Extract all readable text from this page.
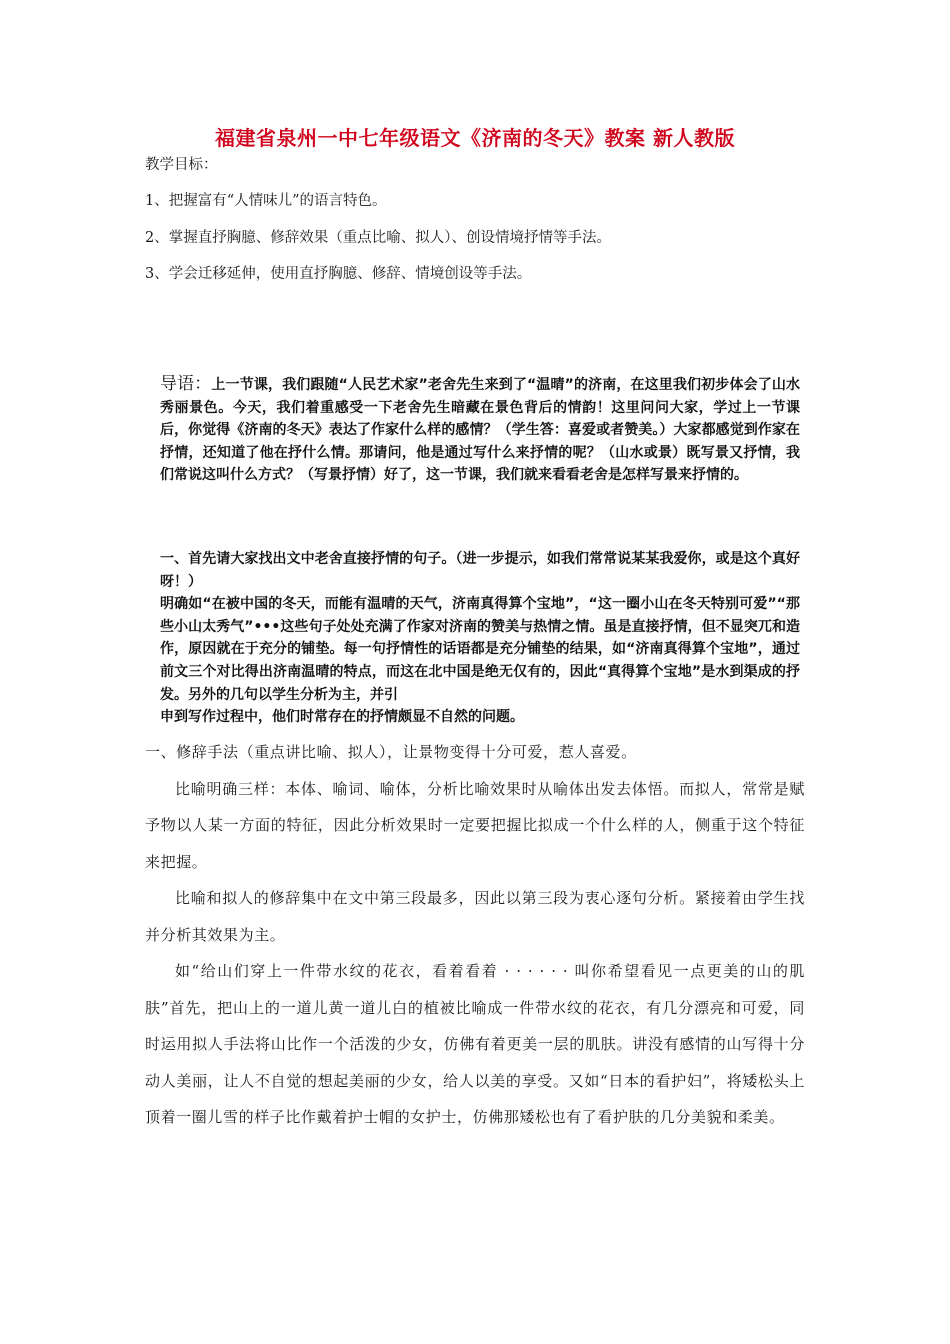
福建省泉州一中七年级语文《济南的冬天》教案 新人教版
教学目标：
1、把握富有“人情味儿”的语言特色。
2、掌握直抒胸臆、修辞效果（重点比喻、拟人）、创设情境抒情等手法。
3、学会迁移延伸，使用直抒胸臆、修辞、情境创设等手法。

导语：上一节课，我们跟随“人民艺术家”老舍先生来到了“温晴”的济南，在这里我们初步体会了山水秀丽景色。今天，我们着重感受一下老舍先生暗藏在景色背后的情韵！这里问问大家，学过上一节课后，你觉得《济南的冬天》表达了作家什么样的感情？（学生答：喜爱或者赞美。）大家都感觉到作家在抒情，还知道了他在抒什么情。那请问，他是通过写什么来抒情的呢？（山水或景）既写景又抒情，我们常说这叫什么方式？（写景抒情）好了，这一节课，我们就来看看老舍是怎样写景来抒情的。

一、首先请大家找出文中老舍直接抒情的句子。（进一步提示，如我们常常说某某我爱你，或是这个真好呀！）

明确如“在被中国的冬天，而能有温晴的天气，济南真得算个宝地”，“这一圈小山在冬天特别可爱”“那些小山太秀气”•••这些句子处处充满了作家对济南的赞美与热情之情。虽是直接抒情，但不显突兀和造作，原因就在于充分的铺垫。每一句抒情性的话语都是充分铺垫的结果，如“济南真得算个宝地”，通过前文三个对比得出济南温晴的特点，而这在北中国是绝无仅有的，因此“真得算个宝地”是水到渠成的抒发。另外的几句以学生分析为主，并引

申到写作过程中，他们时常存在的抒情颇显不自然的问题。

一、修辞手法（重点讲比喻、拟人），让景物变得十分可爱，惹人喜爱。

比喻明确三样：本体、喻词、喻体，分析比喻效果时从喻体出发去体悟。而拟人，常常是赋予物以人某一方面的特征，因此分析效果时一定要把握比拟成一个什么样的人，侧重于这个特征来把握。

比喻和拟人的修辞集中在文中第三段最多，因此以第三段为衷心逐句分析。紧接着由学生找并分析其效果为主。

如“给山们穿上一件带水纹的花衣，看着看着 · · · · · · 叫你希望看见一点更美的山的肌肤”首先，把山上的一道儿黄一道儿白的植被比喻成一件带水纹的花衣，有几分漂亮和可爱，同时运用拟人手法将山比作一个活泼的少女，仿佛有着更美一层的肌肤。讲没有感情的山写得十分动人美丽，让人不自觉的想起美丽的少女，给人以美的享受。又如“日本的看护妇”，将矮松头上顶着一圈儿雪的样子比作戴着护士帽的女护士，仿佛那矮松也有了看护肤的几分美貌和柔美。
